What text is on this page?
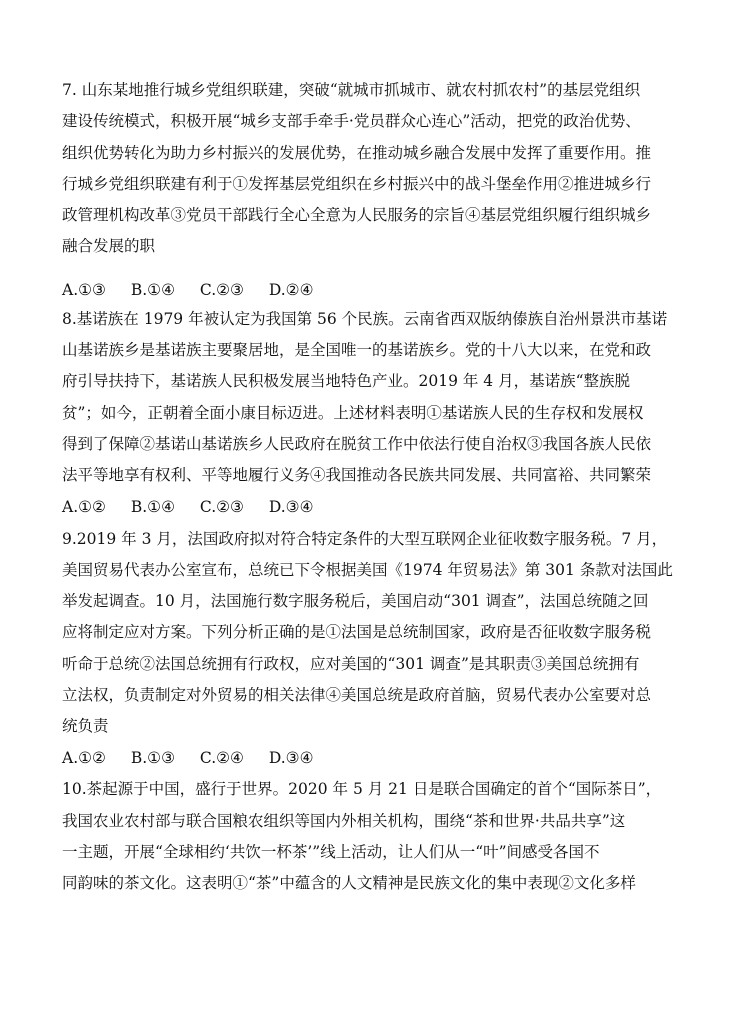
7. 山东某地推行城乡党组织联建，突破“就城市抓城市、就农村抓农村”的基层党组织
建设传统模式，积极开展“城乡支部手牵手·党员群众心连心”活动，把党的政治优势、
组织优势转化为助力乡村振兴的发展优势，在推动城乡融合发展中发挥了重要作用。推
行城乡党组织联建有利于①发挥基层党组织在乡村振兴中的战斗堡垒作用②推进城乡行
政管理机构改革③党员干部践行全心全意为人民服务的宗旨④基层党组织履行组织城乡
融合发展的职
A.①③ B.①④ C.②③ D.②④
8.基诺族在 1979 年被认定为我国第 56 个民族。云南省西双版纳傣族自治州景洪市基诺
山基诺族乡是基诺族主要聚居地，是全国唯一的基诺族乡。党的十八大以来，在党和政
府引导扶持下，基诺族人民积极发展当地特色产业。2019 年 4 月，基诺族“整族脱
贫”；如今，正朝着全面小康目标迈进。上述材料表明①基诺族人民的生存权和发展权
得到了保障②基诺山基诺族乡人民政府在脱贫工作中依法行使自治权③我国各族人民依
法平等地享有权利、平等地履行义务④我国推动各民族共同发展、共同富裕、共同繁荣
A.①② B.①④ C.②③ D.③④
9.2019 年 3 月，法国政府拟对符合特定条件的大型互联网企业征收数字服务税。7 月，
美国贸易代表办公室宣布，总统已下令根据美国《1974 年贸易法》第 301 条款对法国此
举发起调查。10 月，法国施行数字服务税后，美国启动“301 调查”，法国总统随之回
应将制定应对方案。下列分析正确的是①法国是总统制国家，政府是否征收数字服务税
听命于总统②法国总统拥有行政权，应对美国的“301 调查”是其职责③美国总统拥有
立法权，负责制定对外贸易的相关法律④美国总统是政府首脑，贸易代表办公室要对总
统负责
A.①② B.①③ C.②④ D.③④
10.茶起源于中国，盛行于世界。2020 年 5 月 21 日是联合国确定的首个“国际茶日”，
我国农业农村部与联合国粮农组织等国内外相关机构，围绕“茶和世界·共品共享”这
一主题，开展“全球相约‘共饮一杯茶’”线上活动，让人们从一“叶”间感受各国不
同韵味的茶文化。这表明①“茶”中蕴含的人文精神是民族文化的集中表现②文化多样
